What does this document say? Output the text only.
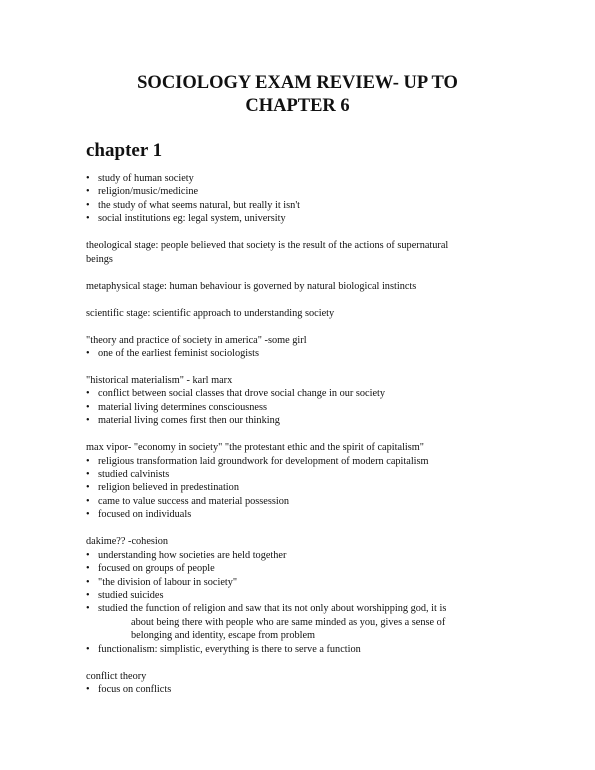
SOCIOLOGY EXAM REVIEW- UP TO
CHAPTER 6
chapter 1
• study of human society
• religion/music/medicine
• the study of what seems natural, but really it isn't
• social institutions eg: legal system, university

theological stage: people believed that society is the result of the actions of supernatural
beings

metaphysical stage: human behaviour is governed by natural biological instincts

scientific stage: scientific approach to understanding society

"theory and practice of society in america" -some girl

• one of the earliest feminist sociologists

"historical materialism" - karl marx

• conflict between social classes that drove social change in our society
• material living determines consciousness
• material living comes first then our thinking

max vipor- "economy in society" "the protestant ethic and the spirit of capitalism"

• religious transformation laid groundwork for development of modern capitalism
• studied calvinists
• religion believed in predestination
• came to value success and material possession
• focused on individuals

dakime?? -cohesion

• understanding how societies are held together
• focused on groups of people
• "the division of labour in society"
• studied suicides
• studied the function of religion and saw that its not only about worshipping god, it is
about being there with people who are same minded as you, gives a sense of
belonging and identity, escape from problem
• functionalism: simplistic, everything is there to serve a function

conflict theory

• focus on conflicts
